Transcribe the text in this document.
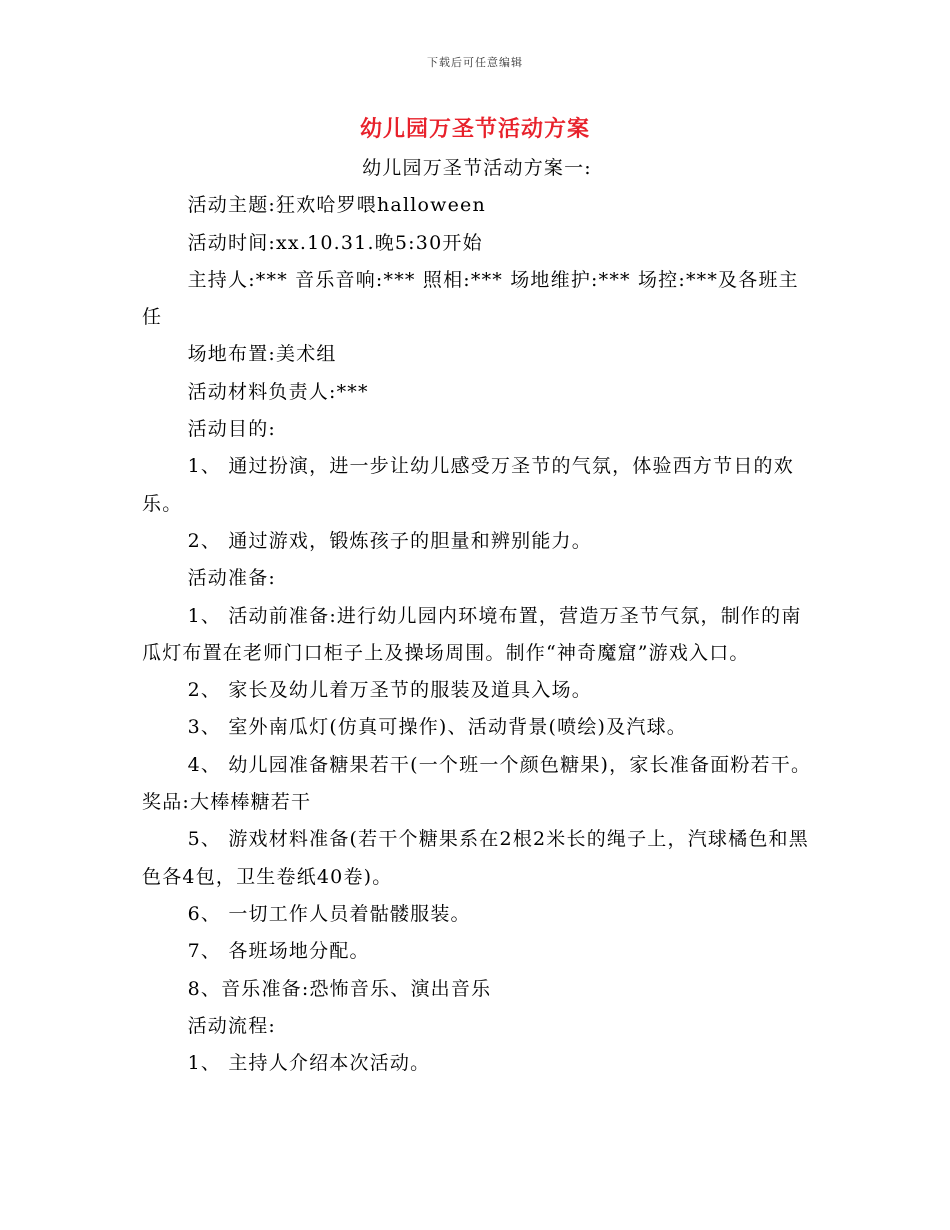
下载后可任意编辑
幼儿园万圣节活动方案

幼儿园万圣节活动方案一:

活动主题:狂欢哈罗喂halloween

活动时间:xx.10.31.晚5:30开始

主持人:*** 音乐音响:*** 照相:*** 场地维护:*** 场控:***及各班主任

场地布置:美术组

活动材料负责人:***

活动目的:

1、 通过扮演，进一步让幼儿感受万圣节的气氛，体验西方节日的欢乐。

2、 通过游戏，锻炼孩子的胆量和辨别能力。

活动准备:

1、 活动前准备:进行幼儿园内环境布置，营造万圣节气氛，制作的南瓜灯布置在老师门口柜子上及操场周围。制作“神奇魔窟”游戏入口。

2、 家长及幼儿着万圣节的服装及道具入场。

3、 室外南瓜灯(仿真可操作)、活动背景(喷绘)及汽球。

4、 幼儿园准备糖果若干(一个班一个颜色糖果)，家长准备面粉若干。奖品:大棒棒糖若干

5、 游戏材料准备(若干个糖果系在2根2米长的绳子上，汽球橘色和黑色各4包，卫生卷纸40卷)。

6、 一切工作人员着骷髅服装。

7、 各班场地分配。

8、音乐准备:恐怖音乐、演出音乐

活动流程:

1、 主持人介绍本次活动。
